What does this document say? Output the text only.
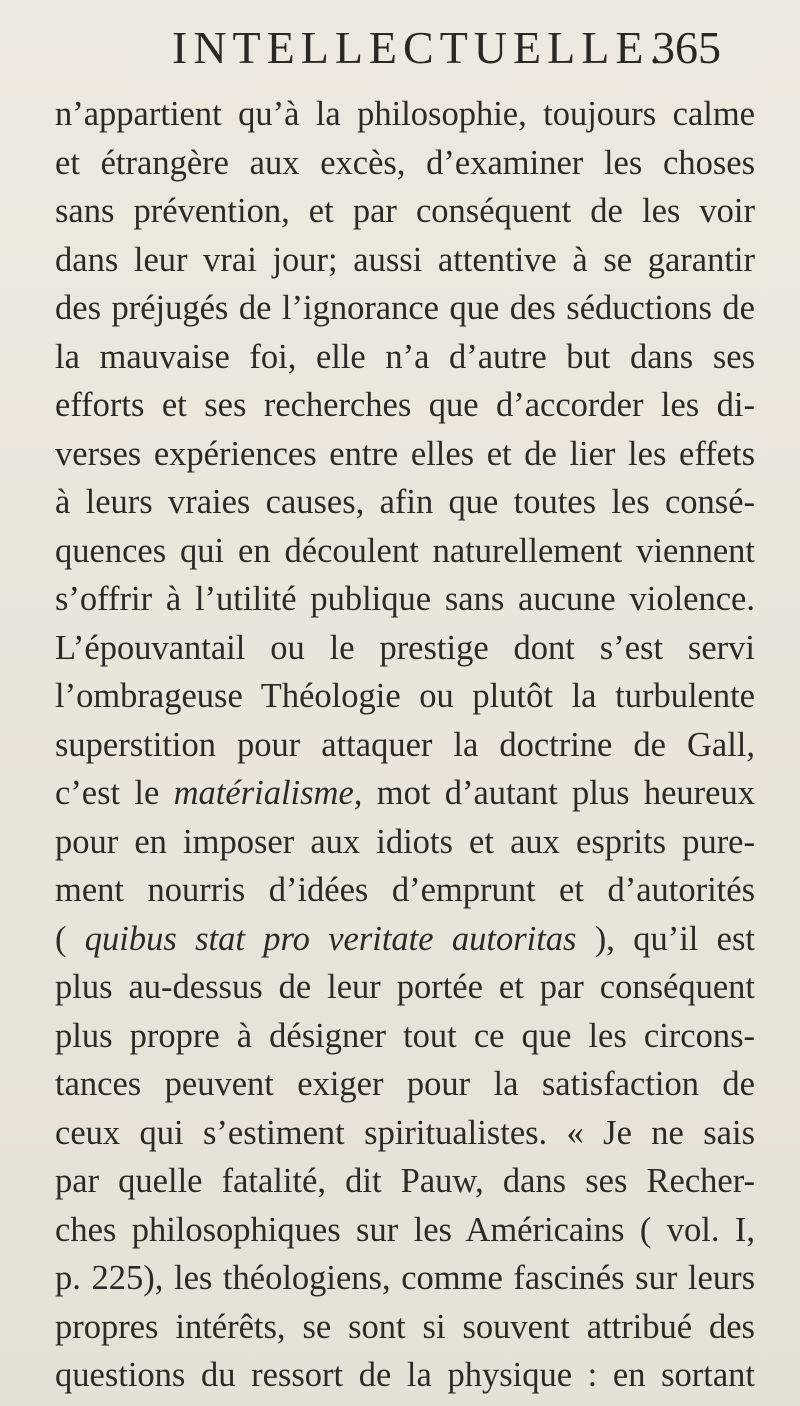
INTELLECTUELLE.
365
n’appartient qu’à la philosophie, toujours calme
et étrangère aux excès, d’examiner les choses
sans prévention, et par conséquent de les voir
dans leur vrai jour; aussi attentive à se garantir
des préjugés de l’ignorance que des séductions de
la mauvaise foi, elle n’a d’autre but dans ses
efforts et ses recherches que d’accorder les di-
verses expériences entre elles et de lier les effets
à leurs vraies causes, afin que toutes les consé-
quences qui en découlent naturellement viennent
s’offrir à l’utilité publique sans aucune violence.
L’épouvantail ou le prestige dont s’est servi
l’ombrageuse Théologie ou plutôt la turbulente
superstition pour attaquer la doctrine de Gall,
c’est le matérialisme, mot d’autant plus heureux
pour en imposer aux idiots et aux esprits pure-
ment nourris d’idées d’emprunt et d’autorités
( quibus stat pro veritate autoritas ), qu’il est
plus au-dessus de leur portée et par conséquent
plus propre à désigner tout ce que les circons-
tances peuvent exiger pour la satisfaction de
ceux qui s’estiment spiritualistes. « Je ne sais
par quelle fatalité, dit Pauw, dans ses Recher-
ches philosophiques sur les Américains ( vol. I,
p. 225), les théologiens, comme fascinés sur leurs
propres intérêts, se sont si souvent attribué des
questions du ressort de la physique : en sortant
